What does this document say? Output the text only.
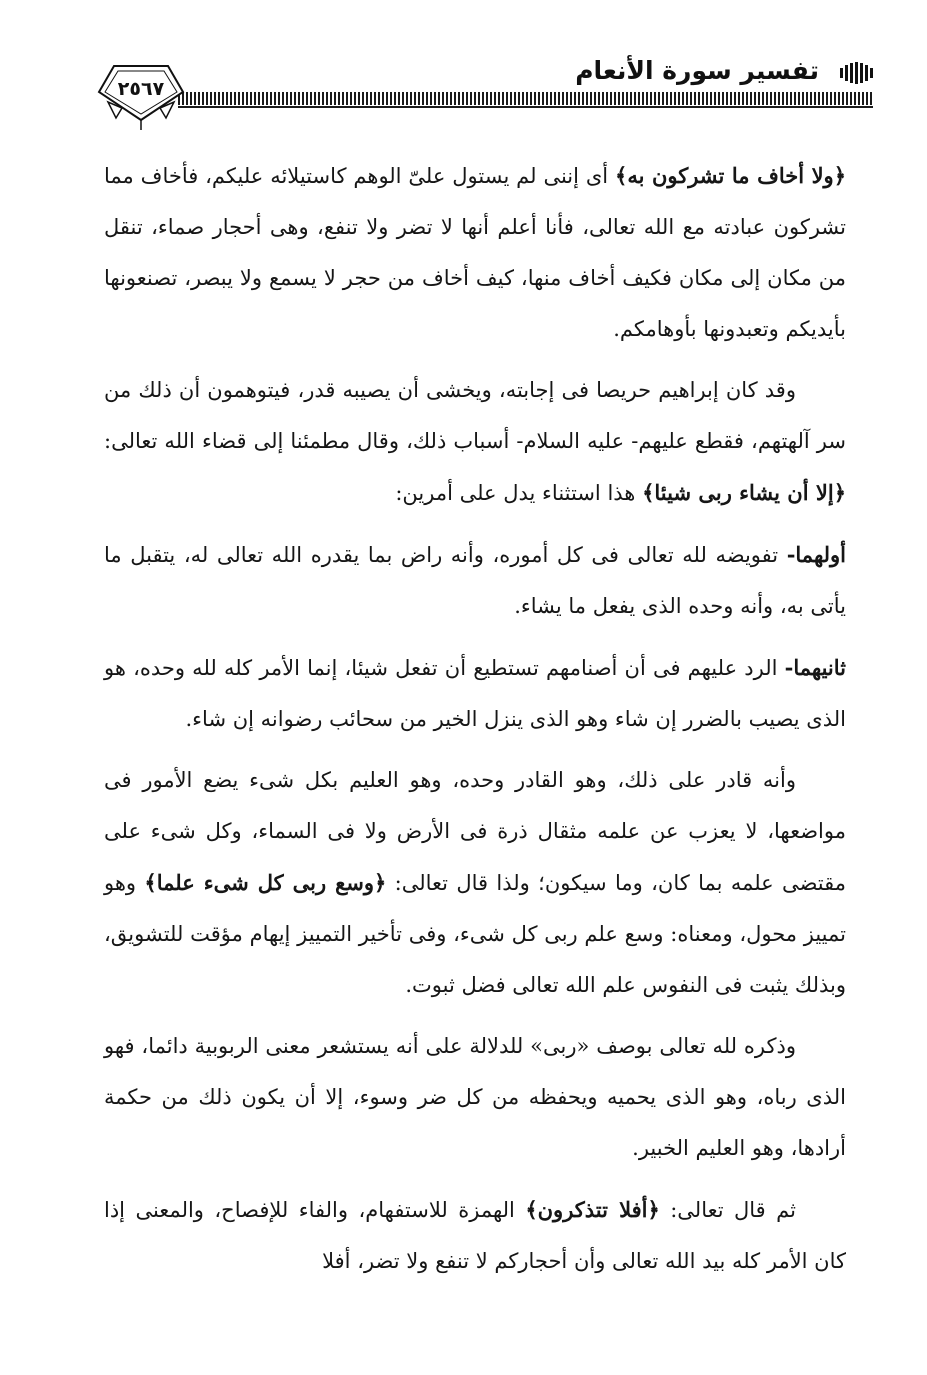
تفسير سورة الأنعام
٢٥٦٧

﴿ولا أخاف ما تشركون به﴾ أى إننى لم يستول علىّ الوهم كاستيلائه عليكم، فأخاف مما تشركون عبادته مع الله تعالى، فأنا أعلم أنها لا تضر ولا تنفع، وهى أحجار صماء، تنقل من مكان إلى مكان فكيف أخاف منها، كيف أخاف من حجر لا يسمع ولا يبصر، تصنعونها بأيديكم وتعبدونها بأوهامكم.

وقد كان إبراهيم حريصا فى إجابته، ويخشى أن يصيبه قدر، فيتوهمون أن ذلك من سر آلهتهم، فقطع عليهم- عليه السلام- أسباب ذلك، وقال مطمئنا إلى قضاء الله تعالى: ﴿إلا أن يشاء ربى شيئا﴾ هذا استثناء يدل على أمرين:

أولهما- تفويضه لله تعالى فى كل أموره، وأنه راض بما يقدره الله تعالى له، يتقبل ما يأتى به، وأنه وحده الذى يفعل ما يشاء.

ثانيهما- الرد عليهم فى أن أصنامهم تستطيع أن تفعل شيئا، إنما الأمر كله لله وحده، هو الذى يصيب بالضرر إن شاء وهو الذى ينزل الخير من سحائب رضوانه إن شاء.

وأنه قادر على ذلك، وهو القادر وحده، وهو العليم بكل شىء يضع الأمور فى مواضعها، لا يعزب عن علمه مثقال ذرة فى الأرض ولا فى السماء، وكل شىء على مقتضى علمه بما كان، وما سيكون؛ ولذا قال تعالى: ﴿وسع ربى كل شىء علما﴾ وهو تمييز محول، ومعناه: وسع علم ربى كل شىء، وفى تأخير التمييز إيهام مؤقت للتشويق، وبذلك يثبت فى النفوس علم الله تعالى فضل ثبوت.

وذكره لله تعالى بوصف «ربى» للدلالة على أنه يستشعر معنى الربوبية دائما، فهو الذى رباه، وهو الذى يحميه ويحفظه من كل ضر وسوء، إلا أن يكون ذلك من حكمة أرادها، وهو العليم الخبير.

ثم قال تعالى: ﴿أفلا تتذكرون﴾ الهمزة للاستفهام، والفاء للإفصاح، والمعنى إذا كان الأمر كله بيد الله تعالى وأن أحجاركم لا تنفع ولا تضر، أفلا
